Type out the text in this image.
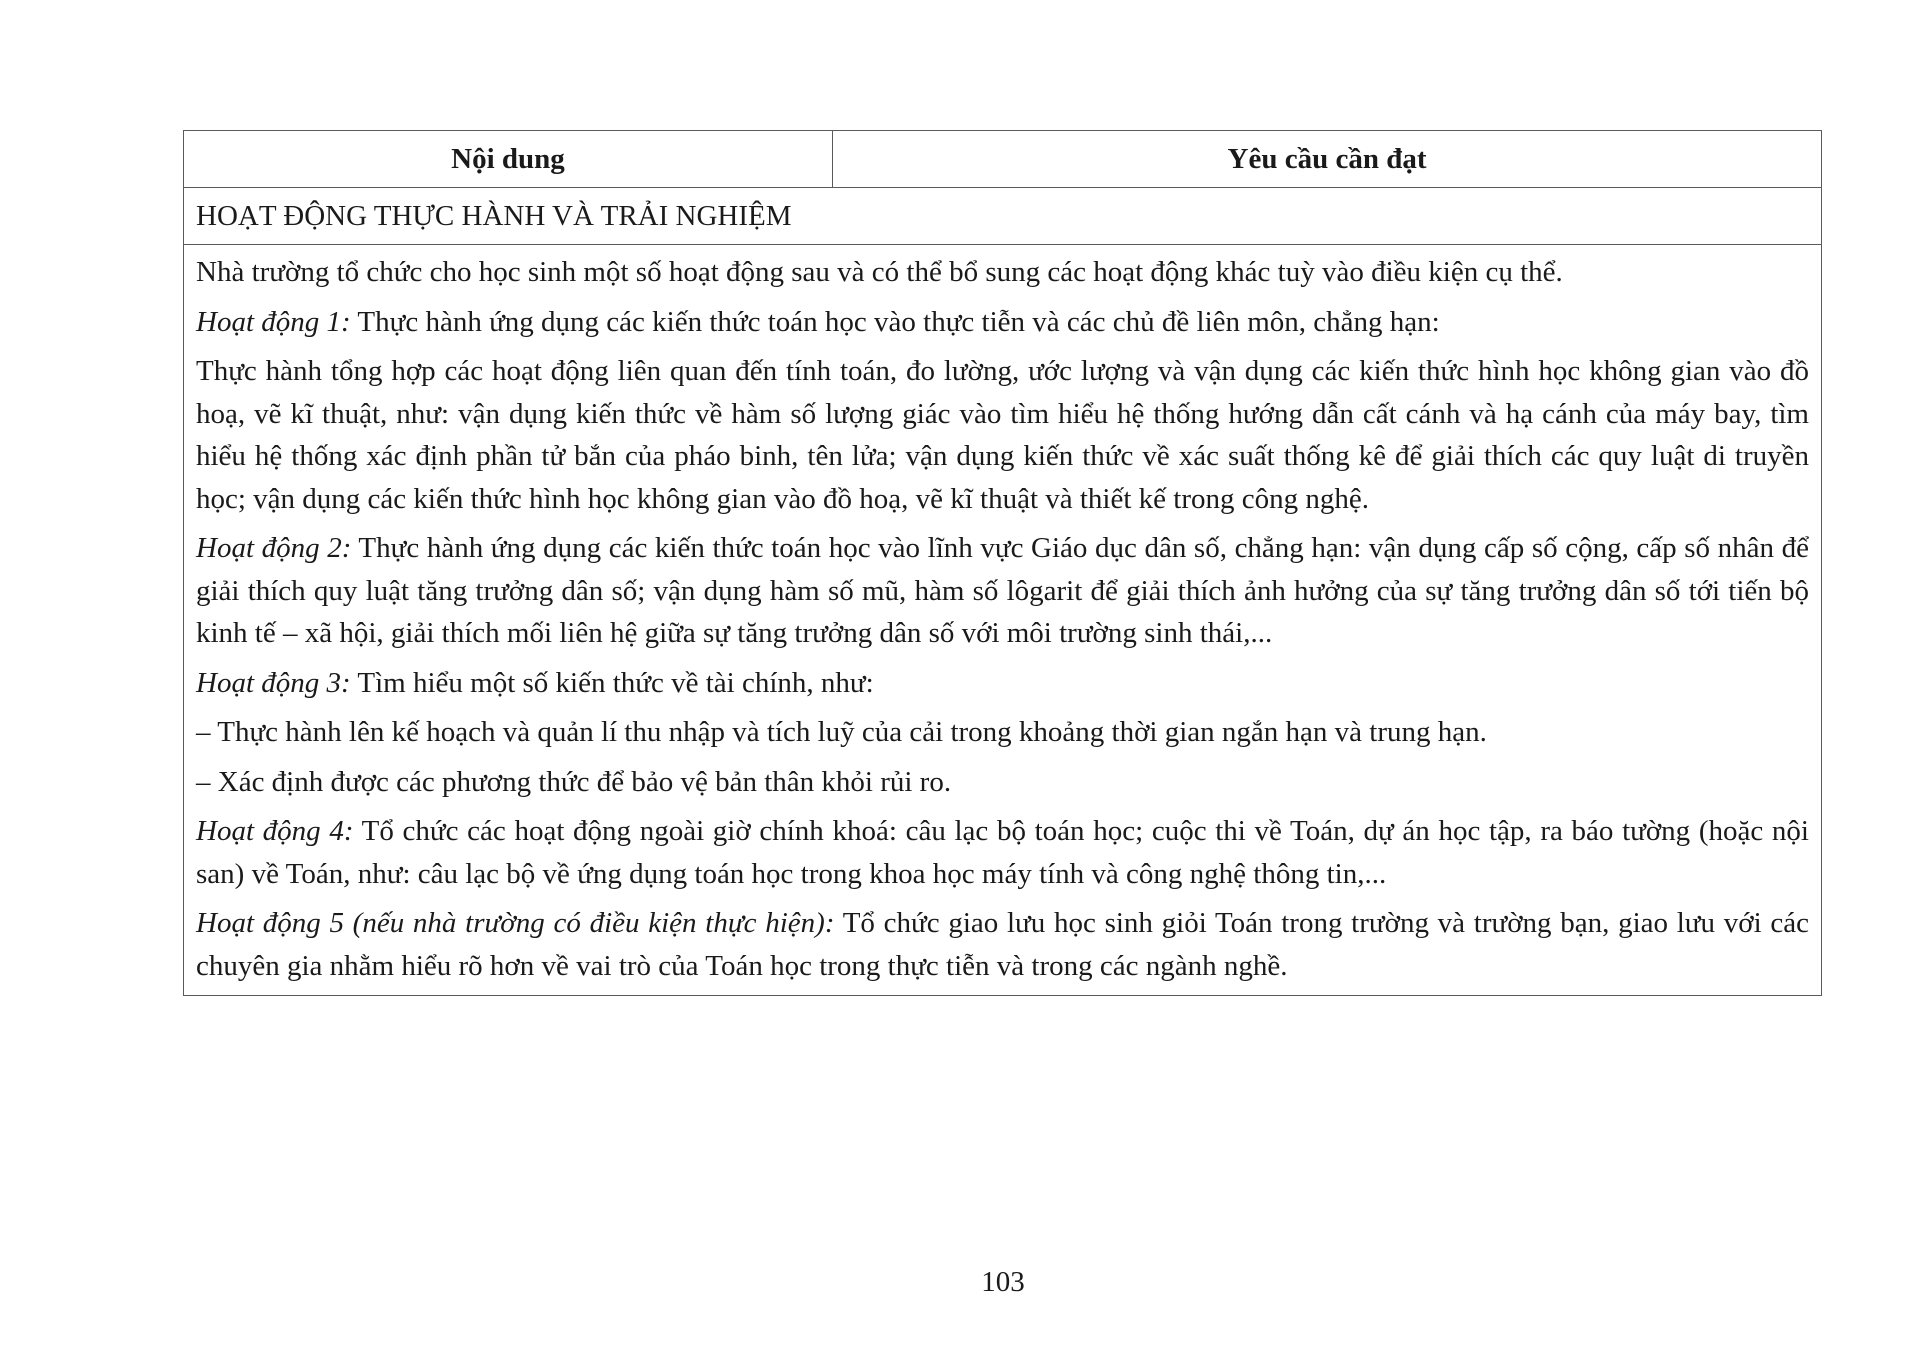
Nội dung	Yêu cầu cần đạt
HOẠT ĐỘNG THỰC HÀNH VÀ TRẢI NGHIỆM

Nhà trường tổ chức cho học sinh một số hoạt động sau và có thể bổ sung các hoạt động khác tuỳ vào điều kiện cụ thể.

Hoạt động 1: Thực hành ứng dụng các kiến thức toán học vào thực tiễn và các chủ đề liên môn, chẳng hạn:

Thực hành tổng hợp các hoạt động liên quan đến tính toán, đo lường, ước lượng và vận dụng các kiến thức hình học không gian vào đồ hoạ, vẽ kĩ thuật, như: vận dụng kiến thức về hàm số lượng giác vào tìm hiểu hệ thống hướng dẫn cất cánh và hạ cánh của máy bay, tìm hiểu hệ thống xác định phần tử bắn của pháo binh, tên lửa; vận dụng kiến thức về xác suất thống kê để giải thích các quy luật di truyền học; vận dụng các kiến thức hình học không gian vào đồ hoạ, vẽ kĩ thuật và thiết kế trong công nghệ.

Hoạt động 2: Thực hành ứng dụng các kiến thức toán học vào lĩnh vực Giáo dục dân số, chẳng hạn: vận dụng cấp số cộng, cấp số nhân để giải thích quy luật tăng trưởng dân số; vận dụng hàm số mũ, hàm số lôgarit để giải thích ảnh hưởng của sự tăng trưởng dân số tới tiến bộ kinh tế – xã hội, giải thích mối liên hệ giữa sự tăng trưởng dân số với môi trường sinh thái,...

Hoạt động 3: Tìm hiểu một số kiến thức về tài chính, như:

– Thực hành lên kế hoạch và quản lí thu nhập và tích luỹ của cải trong khoảng thời gian ngắn hạn và trung hạn.

– Xác định được các phương thức để bảo vệ bản thân khỏi rủi ro.

Hoạt động 4: Tổ chức các hoạt động ngoài giờ chính khoá: câu lạc bộ toán học; cuộc thi về Toán, dự án học tập, ra báo tường (hoặc nội san) về Toán, như: câu lạc bộ về ứng dụng toán học trong khoa học máy tính và công nghệ thông tin,...

Hoạt động 5 (nếu nhà trường có điều kiện thực hiện): Tổ chức giao lưu học sinh giỏi Toán trong trường và trường bạn, giao lưu với các chuyên gia nhằm hiểu rõ hơn về vai trò của Toán học trong thực tiễn và trong các ngành nghề.

103
